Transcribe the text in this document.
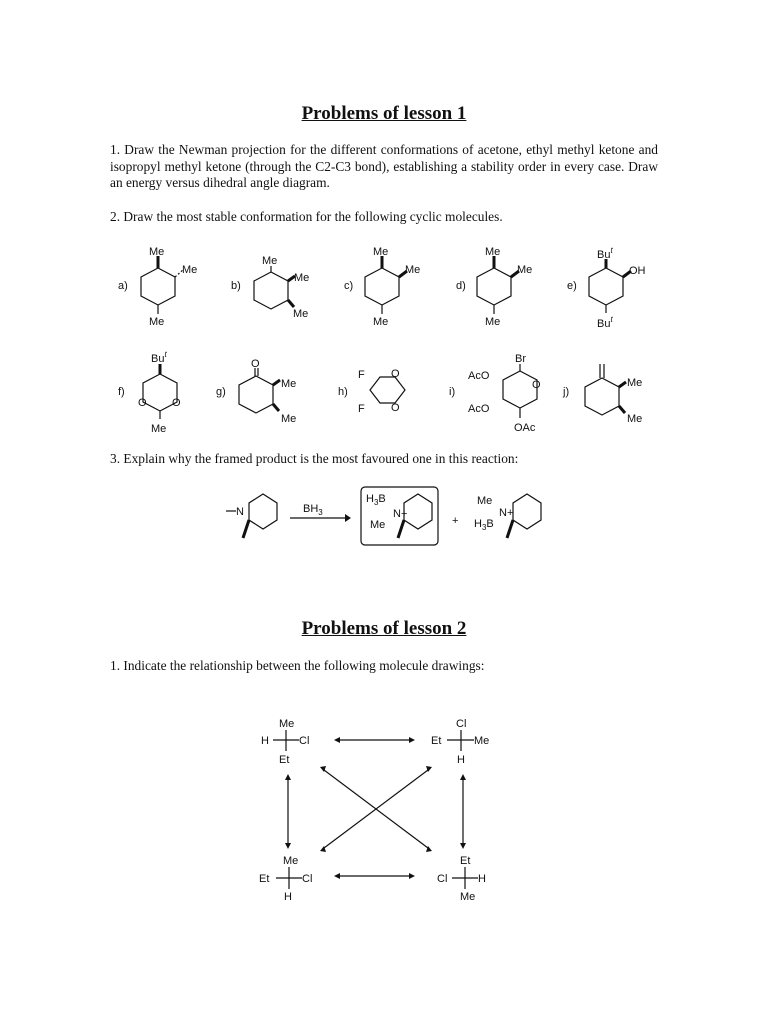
Problems of lesson 1

1. Draw the Newman projection for the different conformations of acetone, ethyl methyl ketone and isopropyl methyl ketone (through the C2-C3 bond), establishing a stability order in every case. Draw an energy versus dihedral angle diagram.

2. Draw the most stable conformation for the following cyclic molecules.

3. Explain why the framed product is the most favoured one in this reaction:

Problems of lesson 2

1. Indicate the relationship between the following molecule drawings:

a)
Me
Me
Me
b)
Me
Me
Me
c)
Me
Me
Me
d)
Me
Me
Me
e)
Bu$^t$
OH
Bu$^t$
f)
Bu$^t$
O O
Me
g)
O
Me
Me
h)
F
F
O
O
i)
Br
AcO
AcO
O
OAc
j)
Me
Me
N	$BH_3$
$H_3B$
N+
Me	+
Me
N+
$H_3B$
Me
H	Cl
Et
Cl
Et	Me
H
Me
Et	Cl
H
Et
Cl	H
Me
